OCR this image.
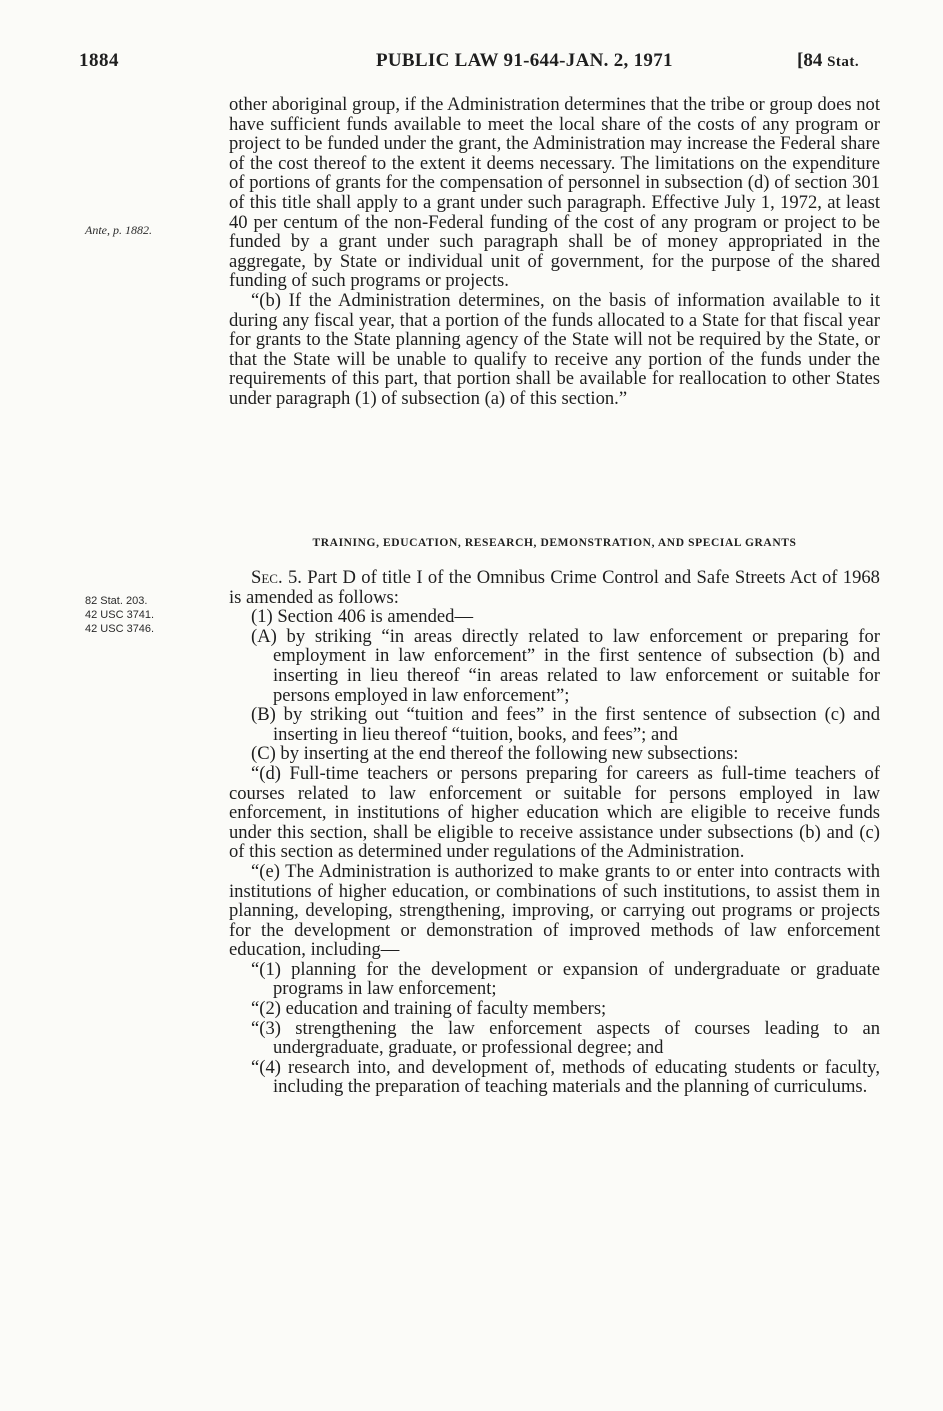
1884	PUBLIC LAW 91-644-JAN. 2, 1971	[84 Stat.
Ante, p. 1882.
82 Stat. 203.
42 USC 3741.
42 USC 3746.

other aboriginal group, if the Administration determines that the tribe or group does not have sufficient funds available to meet the local share of the costs of any program or project to be funded under the grant, the Administration may increase the Federal share of the cost thereof to the extent it deems necessary. The limitations on the expenditure of portions of grants for the compensation of personnel in subsection (d) of section 301 of this title shall apply to a grant under such paragraph. Effective July 1, 1972, at least 40 per centum of the non-Federal funding of the cost of any program or project to be funded by a grant under such paragraph shall be of money appropriated in the aggregate, by State or individual unit of government, for the purpose of the shared funding of such programs or projects.

“(b) If the Administration determines, on the basis of information available to it during any fiscal year, that a portion of the funds allocated to a State for that fiscal year for grants to the State planning agency of the State will not be required by the State, or that the State will be unable to qualify to receive any portion of the funds under the requirements of this part, that portion shall be available for reallocation to other States under paragraph (1) of subsection (a) of this section.”

TRAINING, EDUCATION, RESEARCH, DEMONSTRATION, AND SPECIAL GRANTS

Sec. 5. Part D of title I of the Omnibus Crime Control and Safe Streets Act of 1968 is amended as follows:

(1) Section 406 is amended—

(A) by striking “in areas directly related to law enforcement or preparing for employment in law enforcement” in the first sentence of subsection (b) and inserting in lieu thereof “in areas related to law enforcement or suitable for persons employed in law enforcement”;

(B) by striking out “tuition and fees” in the first sentence of subsection (c) and inserting in lieu thereof “tuition, books, and fees”; and

(C) by inserting at the end thereof the following new subsections:

“(d) Full-time teachers or persons preparing for careers as full-time teachers of courses related to law enforcement or suitable for persons employed in law enforcement, in institutions of higher education which are eligible to receive funds under this section, shall be eligible to receive assistance under subsections (b) and (c) of this section as determined under regulations of the Administration.

“(e) The Administration is authorized to make grants to or enter into contracts with institutions of higher education, or combinations of such institutions, to assist them in planning, developing, strengthening, improving, or carrying out programs or projects for the development or demonstration of improved methods of law enforcement education, including—

“(1) planning for the development or expansion of undergraduate or graduate programs in law enforcement;

“(2) education and training of faculty members;

“(3) strengthening the law enforcement aspects of courses leading to an undergraduate, graduate, or professional degree; and

“(4) research into, and development of, methods of educating students or faculty, including the preparation of teaching materials and the planning of curriculums.
